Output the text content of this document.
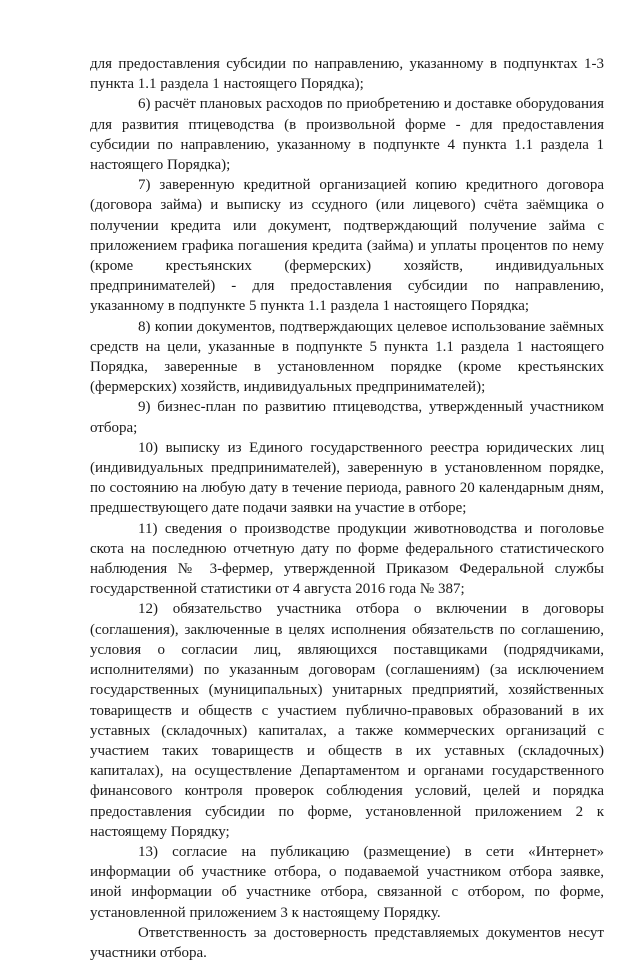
для предоставления субсидии по направлению, указанному в подпунктах 1-3 пункта 1.1 раздела 1 настоящего Порядка);

6) расчёт плановых расходов по приобретению и доставке оборудования для развития птицеводства (в произвольной форме - для предоставления субсидии по направлению, указанному в подпункте 4 пункта 1.1 раздела 1 настоящего Порядка);

7) заверенную кредитной организацией копию кредитного договора (договора займа) и выписку из ссудного (или лицевого) счёта заёмщика о получении кредита или документ, подтверждающий получение займа с приложением графика погашения кредита (займа) и уплаты процентов по нему (кроме крестьянских (фермерских) хозяйств, индивидуальных предпринимателей) - для предоставления субсидии по направлению, указанному в подпункте 5 пункта 1.1 раздела 1 настоящего Порядка;

8) копии документов, подтверждающих целевое использование заёмных средств на цели, указанные в подпункте 5 пункта 1.1 раздела 1 настоящего Порядка, заверенные в установленном порядке (кроме крестьянских (фермерских) хозяйств, индивидуальных предпринимателей);

9) бизнес-план по развитию птицеводства, утвержденный участником отбора;

10) выписку из Единого государственного реестра юридических лиц (индивидуальных предпринимателей), заверенную в установленном порядке, по состоянию на любую дату в течение периода, равного 20 календарным дням, предшествующего дате подачи заявки на участие в отборе;

11) сведения о производстве продукции животноводства и поголовье скота на последнюю отчетную дату по форме федерального статистического наблюдения № 3-фермер, утвержденной Приказом Федеральной службы государственной статистики от 4 августа 2016 года № 387;

12) обязательство участника отбора о включении в договоры (соглашения), заключенные в целях исполнения обязательств по соглашению, условия о согласии лиц, являющихся поставщиками (подрядчиками, исполнителями) по указанным договорам (соглашениям) (за исключением государственных (муниципальных) унитарных предприятий, хозяйственных товариществ и обществ с участием публично-правовых образований в их уставных (складочных) капиталах, а также коммерческих организаций с участием таких товариществ и обществ в их уставных (складочных) капиталах), на осуществление Департаментом и органами государственного финансового контроля проверок соблюдения условий, целей и порядка предоставления субсидии по форме, установленной приложением 2 к настоящему Порядку;

13) согласие на публикацию (размещение) в сети «Интернет» информации об участнике отбора, о подаваемой участником отбора заявке, иной информации об участнике отбора, связанной с отбором, по форме, установленной приложением 3 к настоящему Порядку.

Ответственность за достоверность представляемых документов несут участники отбора.
